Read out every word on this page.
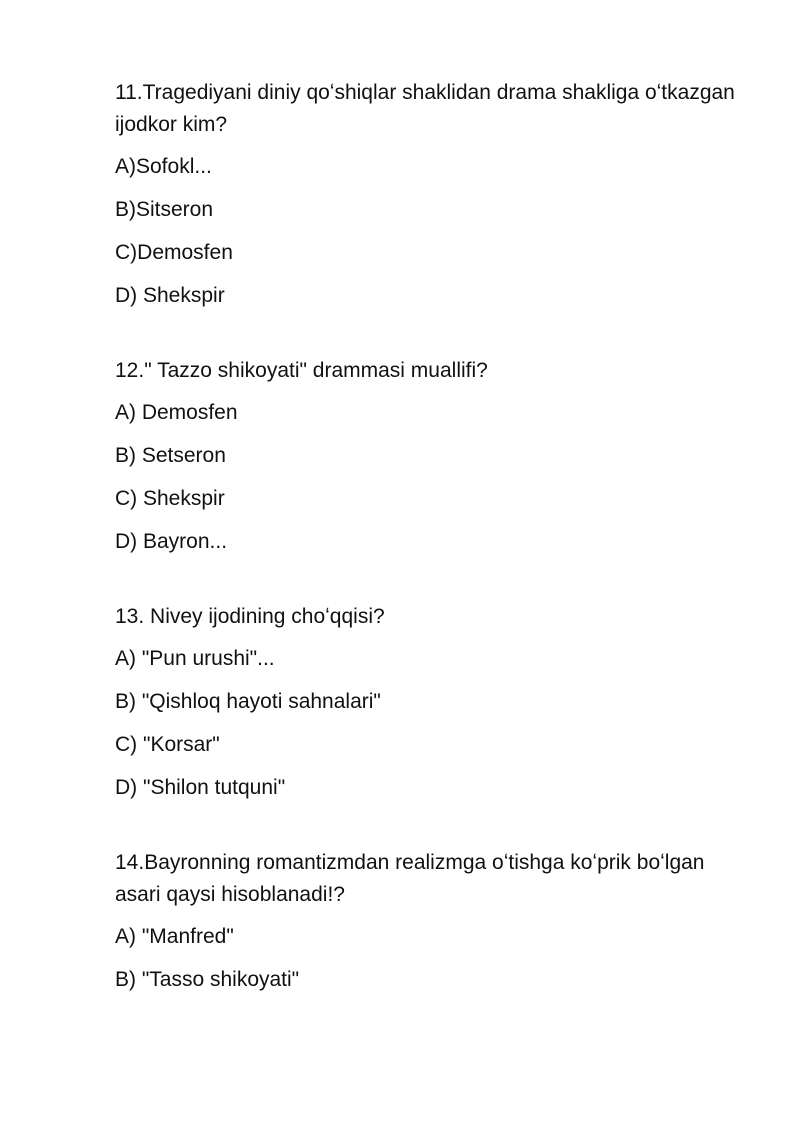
11.Tragediyani diniy qoʻshiqlar shaklidan drama shakliga oʻtkazgan ijodkor kim?
A)Sofokl...
B)Sitseron
C)Demosfen
D) Shekspir
12." Tazzo shikoyati" drammasi muallifi?
A) Demosfen
B) Setseron
C) Shekspir
D) Bayron...
13. Nivey ijodining choʻqqisi?
A) "Pun urushi"...
B) "Qishloq hayoti sahnalari"
C) "Korsar"
D) "Shilon tutquni"
14.Bayronning romantizmdan realizmga oʻtishga koʻprik boʻlgan asari qaysi hisoblanadi!?
A) "Manfred"
B) "Tasso shikoyati"
